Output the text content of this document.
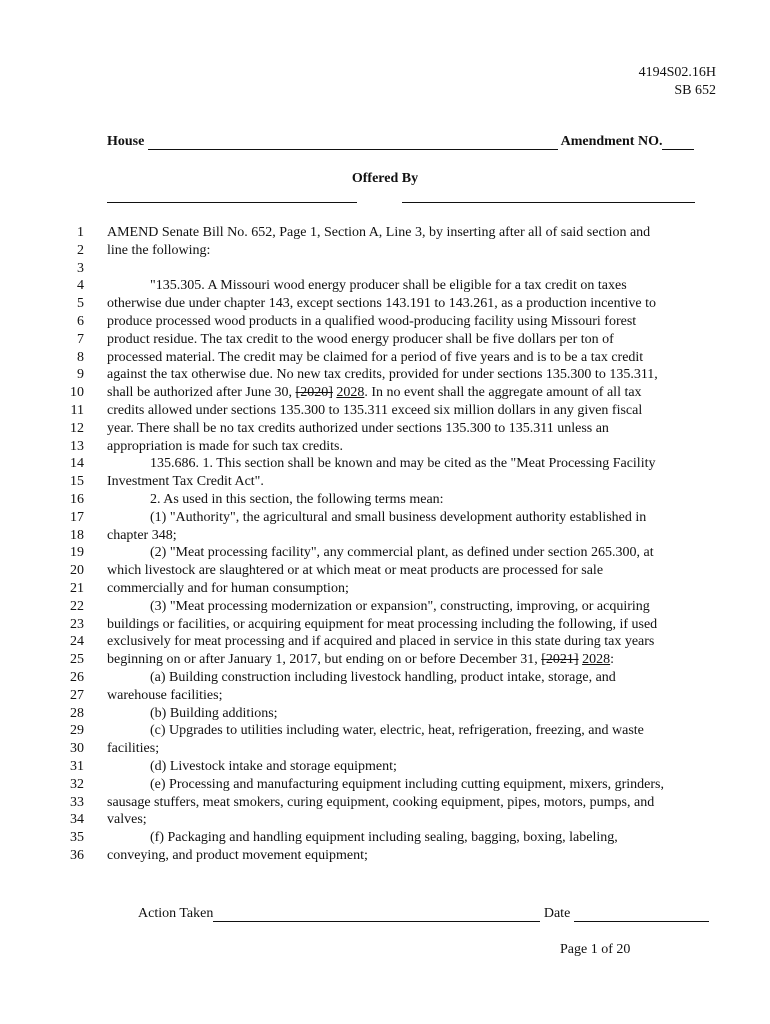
4194S02.16H
SB 652
House	Amendment NO.
Offered By
1 AMEND Senate Bill No. 652, Page 1, Section A, Line 3, by inserting after all of said section and
2 line the following:
3
4	"135.305. A Missouri wood energy producer shall be eligible for a tax credit on taxes
5 otherwise due under chapter 143, except sections 143.191 to 143.261, as a production incentive to
6 produce processed wood products in a qualified wood-producing facility using Missouri forest
7 product residue. The tax credit to the wood energy producer shall be five dollars per ton of
8 processed material. The credit may be claimed for a period of five years and is to be a tax credit
9 against the tax otherwise due. No new tax credits, provided for under sections 135.300 to 135.311,
10 shall be authorized after June 30, [2020] 2028. In no event shall the aggregate amount of all tax
11 credits allowed under sections 135.300 to 135.311 exceed six million dollars in any given fiscal
12 year. There shall be no tax credits authorized under sections 135.300 to 135.311 unless an
13 appropriation is made for such tax credits.
14	135.686. 1. This section shall be known and may be cited as the "Meat Processing Facility
15 Investment Tax Credit Act".
16	2. As used in this section, the following terms mean:
17	(1) "Authority", the agricultural and small business development authority established in
18 chapter 348;
19	(2) "Meat processing facility", any commercial plant, as defined under section 265.300, at
20 which livestock are slaughtered or at which meat or meat products are processed for sale
21 commercially and for human consumption;
22	(3) "Meat processing modernization or expansion", constructing, improving, or acquiring
23 buildings or facilities, or acquiring equipment for meat processing including the following, if used
24 exclusively for meat processing and if acquired and placed in service in this state during tax years
25 beginning on or after January 1, 2017, but ending on or before December 31, [2021] 2028:
26	(a) Building construction including livestock handling, product intake, storage, and
27 warehouse facilities;
28	(b) Building additions;
29	(c) Upgrades to utilities including water, electric, heat, refrigeration, freezing, and waste
30 facilities;
31	(d) Livestock intake and storage equipment;
32	(e) Processing and manufacturing equipment including cutting equipment, mixers, grinders,
33 sausage stuffers, meat smokers, curing equipment, cooking equipment, pipes, motors, pumps, and
34 valves;
35	(f) Packaging and handling equipment including sealing, bagging, boxing, labeling,
36 conveying, and product movement equipment;
Action Taken	Date
Page 1 of 20
